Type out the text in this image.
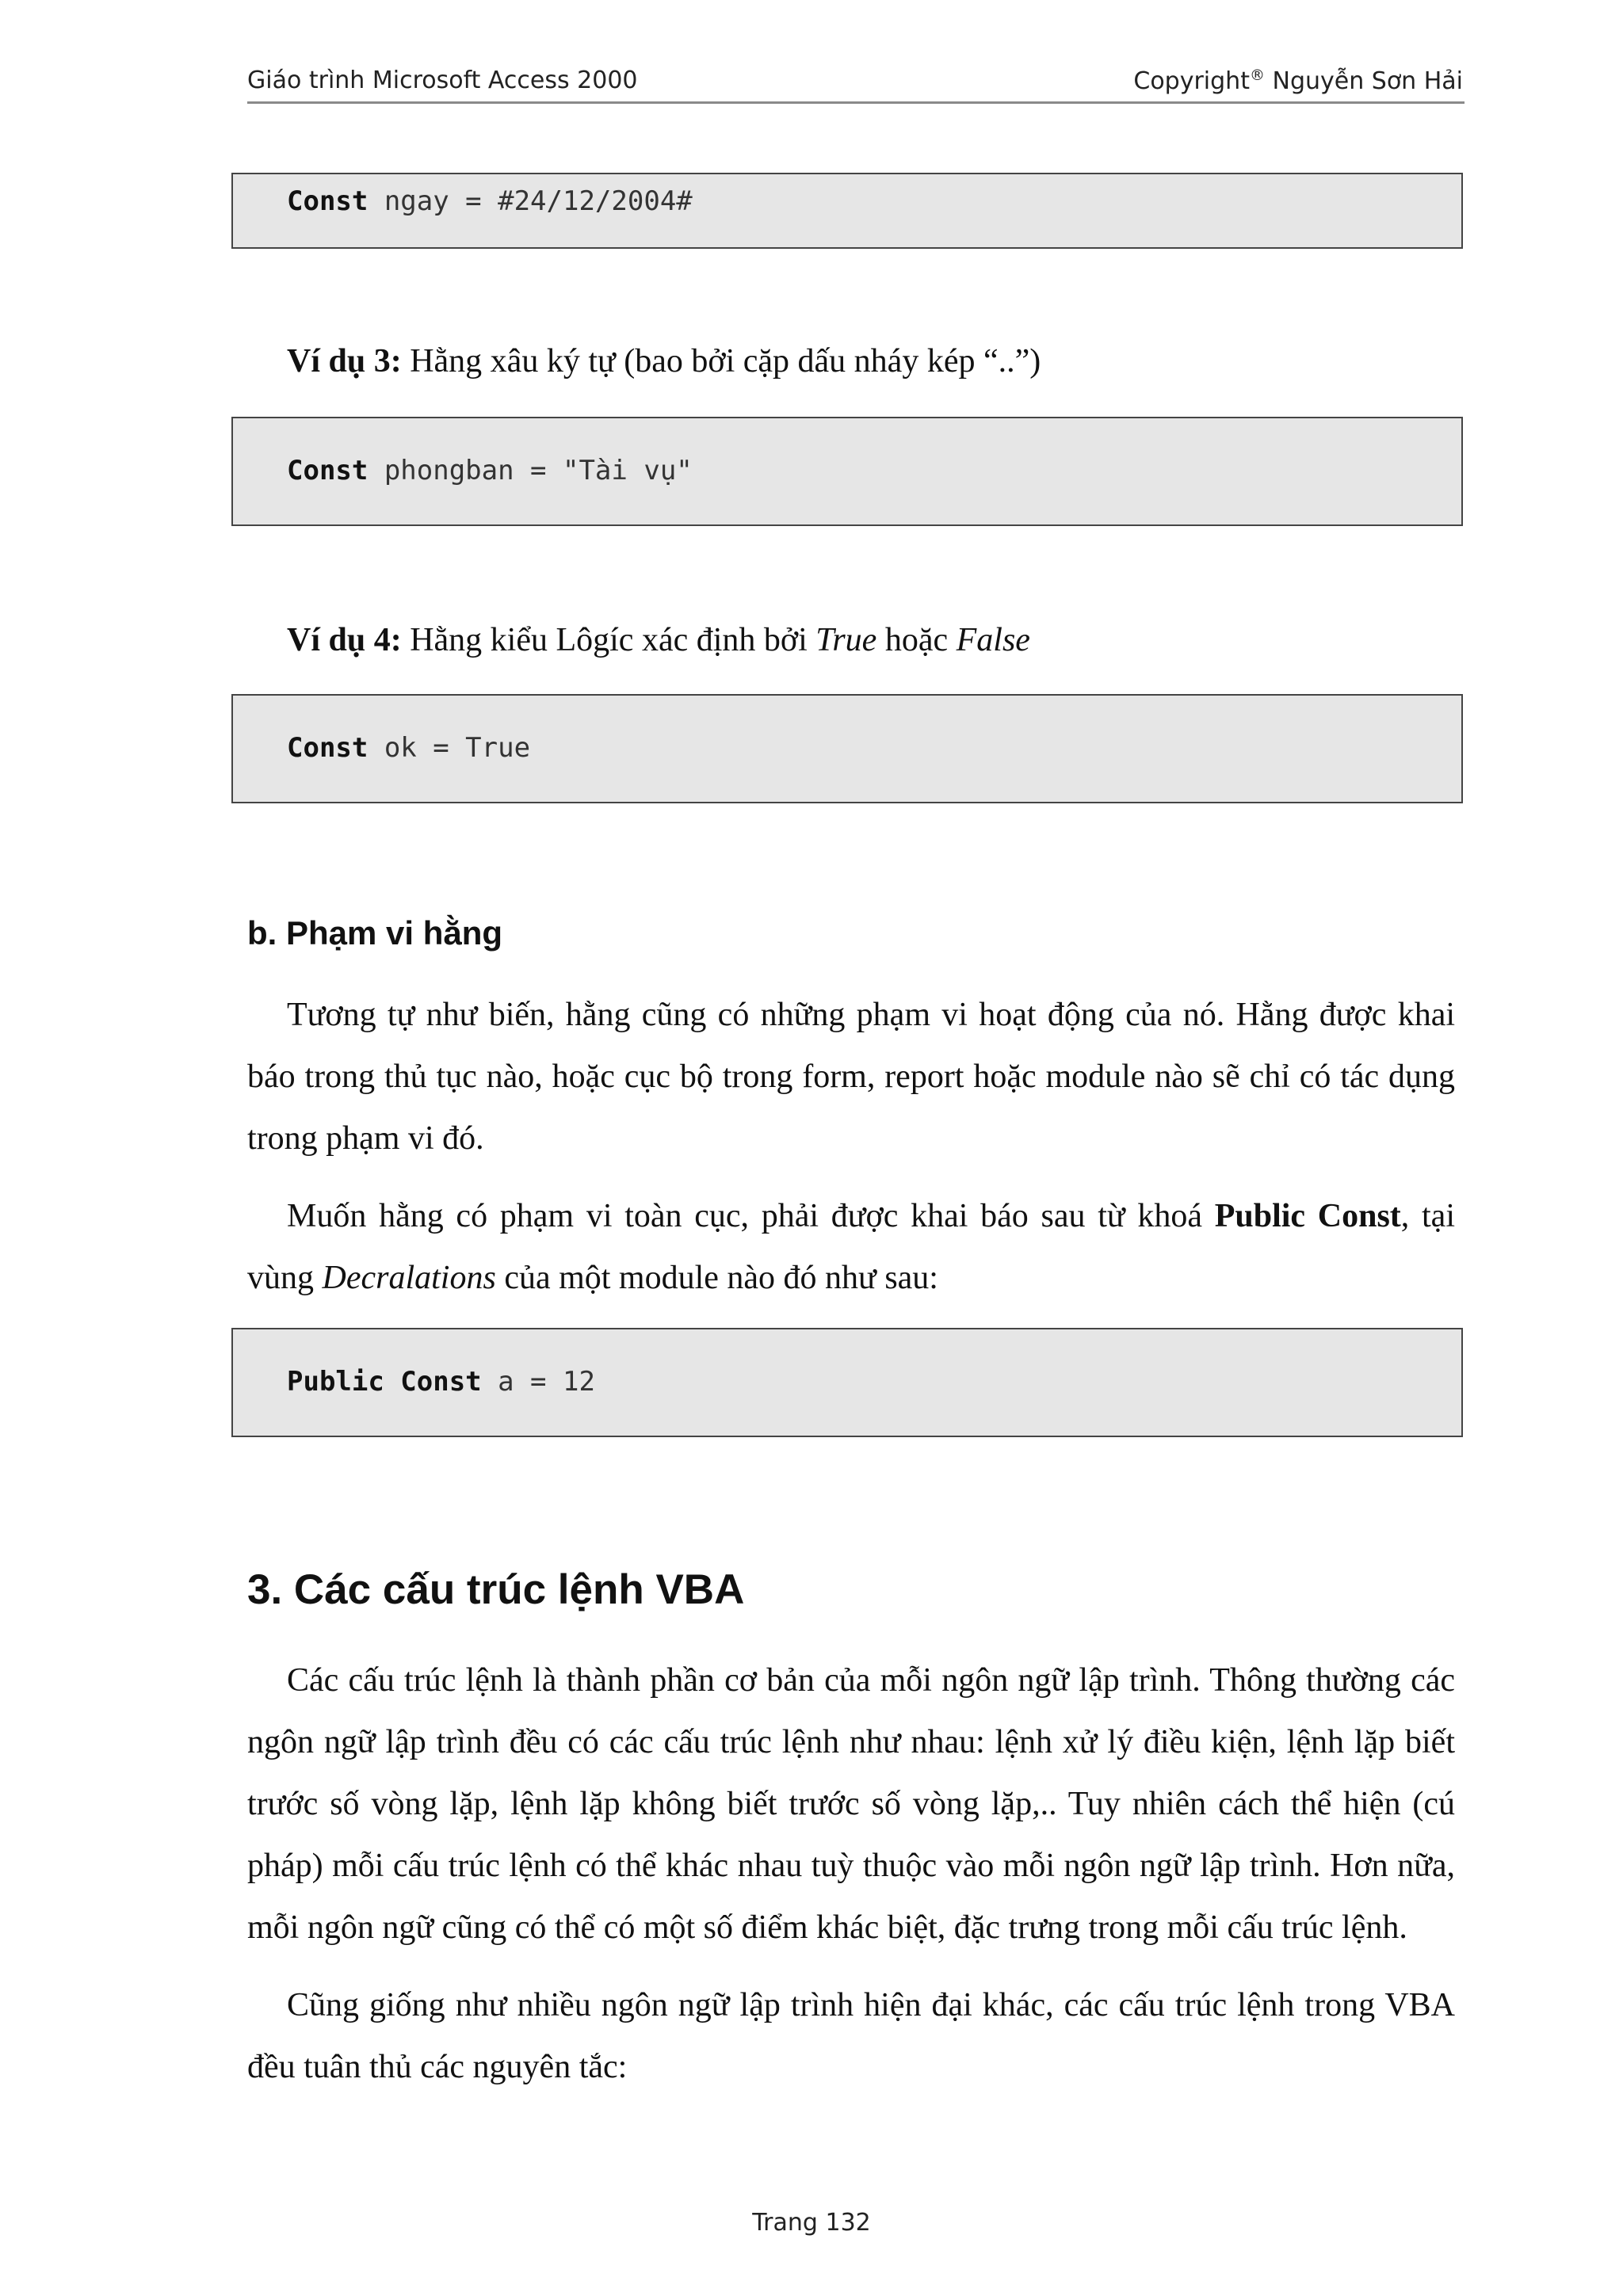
Giáo trình Microsoft Access 2000	Copyright® Nguyễn Sơn Hải
Const ngay = #24/12/2004#
Ví dụ 3: Hằng xâu ký tự (bao bởi cặp dấu nháy kép “..”)
Const phongban = "Tài vụ"
Ví dụ 4: Hằng kiểu Lôgíc xác định bởi True hoặc False
Const ok = True
b. Phạm vi hằng

Tương tự như biến, hằng cũng có những phạm vi hoạt động của nó. Hằng được khai báo trong thủ tục nào, hoặc cục bộ trong form, report hoặc module nào sẽ chỉ có tác dụng trong phạm vi đó.

Muốn hằng có phạm vi toàn cục, phải được khai báo sau từ khoá Public Const, tại vùng Decralations của một module nào đó như sau:

Public Const a = 12
3. Các cấu trúc lệnh VBA

Các cấu trúc lệnh là thành phần cơ bản của mỗi ngôn ngữ lập trình. Thông thường các ngôn ngữ lập trình đều có các cấu trúc lệnh như nhau: lệnh xử lý điều kiện, lệnh lặp biết trước số vòng lặp, lệnh lặp không biết trước số vòng lặp,.. Tuy nhiên cách thể hiện (cú pháp) mỗi cấu trúc lệnh có thể khác nhau tuỳ thuộc vào mỗi ngôn ngữ lập trình. Hơn nữa, mỗi ngôn ngữ cũng có thể có một số điểm khác biệt, đặc trưng trong mỗi cấu trúc lệnh.

Cũng giống như nhiều ngôn ngữ lập trình hiện đại khác, các cấu trúc lệnh trong VBA đều tuân thủ các nguyên tắc:

Trang 132
